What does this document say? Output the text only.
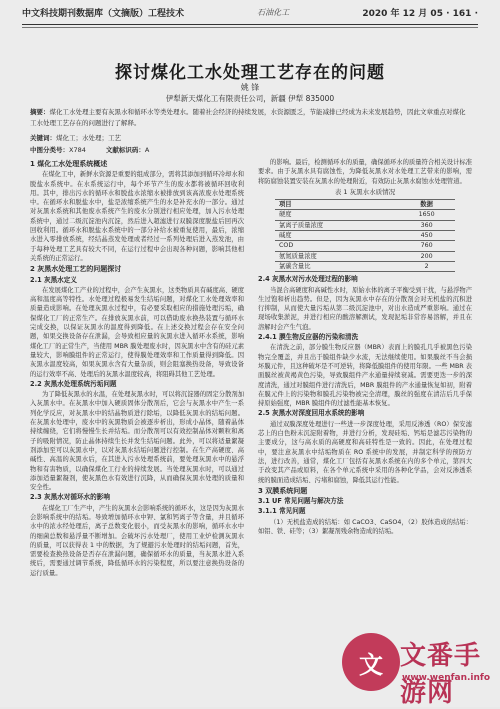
中文科技期刊数据库（文摘版）工程技术	石油化工	2020 年 12 月 05 · 161 ·
探讨煤化工水处理工艺存在的问题
姚 锋
伊犁新天煤化工有限责任公司，新疆 伊犁 835000
摘要：煤化工水处理主要有灰黑水和循环水等类处理水。随着社会经济的持续发展，水资源匮乏，节能减排已经成为未来发展趋势，因此文章重点对煤化工水处理工艺存在的问题进行了解释。
关键词：煤化工；水处理；工艺
中图分类号：X784	文献标识码：A
1 煤化工水处理系统概述

在煤化工中，新鲜水资源是重要的组成部分，需将其添加到循环冷却水和脱盐水系统中。在水系统运行中，每个环节产生的废水都将被循环回收利用。其中，排出污水的循环水和脱盐水浓缩水被排放到该高浓废水处理系统中。在循环水和脱盐水中，盐是浓缩系统产生的水是补充水的一部分。通过对灰黑水系统和其他废水系统产生的废水分别进行相应处理，加入污水处理系统中，通过二级沉淀池内沉淀，然后进入超滤进行双膜深度脱盐后回再次回收利用。循环水和脱盐水系统中的一部分补给水被重复使用，最后，浓缩水进入零排放系统，经结晶蒸发处理或者经过一系列处理后进入蒸发池，由于每种处理工艺具有较大不同，在运行过程中会出现各种问题，影响其他相关系统的正常运行。

2 灰黑水处理工艺的问题探讨
2.1 灰黑水定义

在发展煤化工产业的过程中，会产生灰黑水，这类物质具有碱度高、硬度高和温度高等特性。水处理过程极易发生结垢问题，对煤化工水处理效率和质量造成影响。在处理灰黑水过程中，有必要采取相应的措施处理污垢，确保煤化工厂的正常生产。在排放灰黑水前，可以借助废水换热装置与循环水完成交换，以保证灰黑水的温度得到降低。在上述交换过程会存在安全问题，如果交换设备存在泄漏，会导致相应量的灰黑水进入循环水系统，影响煤化工厂的正常生产，当使用 MBR 膜处理废水时，因灰黑水中含有的硅元素量较大，影响膜组件的正常运行，使得膜处理效率和工作质量得到降低。因灰黑水温度较高，如果灰黑水含有大量杂质，则会阻塞换热设备，导致设备的运行效率不高、处理后的灰黑水温度较高，将阻碍其他工艺处理。

2.2 灰黑水处理系统污垢问题

为了降低灰黑水的水温，在处理灰黑水时，可以将沉淀器的固定分散剂加入灰黑水中。在灰黑水中加入硬质固体分散剂后，它会与灰黑水中产生一系列化学反应，对灰黑水中的结晶物质进行除垢，以降低灰黑水的结垢问题。在灰黑水处理中，废水中的灰黑物质会被逐步析出，形成小晶体，随着晶体持续缠绕，它们将慢慢生长并结垢。而分散剂可以有效控制晶体对颗粒和离子的吸附情况，防止晶体持续生长并发生结垢问题。此外，可以将适量絮凝剂添加至可以灰黑水中，以对灰黑水结垢问题进行控制。在生产高硬度、高碱性、高温的灰黑水后，在其进入污水处理系统前，要处理灰黑水中的悬浮物和有害物质，以确保煤化工行业的持续发展。当处理灰黑水时，可以通过添加适量絮凝剂，使灰黑色水有效进行沉降，从而确保灰黑水处理的质量和安全性。

2.3 灰黑水对循环水的影响

在煤化工厂生产中，产生的灰黑水会影响系统的循环水，这是因为灰黑水会影响系统中的结垢。导致增加循环水中钾、氯和钙离子等含量，并且循环水中的浓水经处理后，离子总数变化很小，而受灰黑水的影响，循环水水中的细菌总数和悬浮量不断增加。会破坏污水处理厂，使用工业炉检测灰黑水的质量，可以获得表 1 中的数据，为了规避污水处理时的结垢问题，首先，需要检查换热设备是否存在泄漏问题，确保循环水的质量，当灰黑水进入系统后，需要通过调节系统，降低循环水的污染程度，所以要注意换热设备的运行质量。

的影响。最后，检测循环水的质量，确保循环水的质量符合相关设计标准要求。由于灰黑水具有腐蚀性，为降低灰黑水对水处理工艺带来的影响，需将防腐蚀装置安装在灰黑水的处理附近，有效防止灰黑水腐蚀水处理管道。

表 1 灰黑水水质情况
项目	数据
硬度	1650
氯离子质量浓度	360
碱度	450
COD	760
氨氮质量浓度	200
氯碳含量比	2
2.4 灰黑水对污水处理过程的影响

当混合高硬度和高碱性水时，原始水体的离子平衡受到干扰，与悬浮物产生过饱和析出趋势。但是，因为灰黑水中存在的分散剂会对无机盐的沉积进行抑制，从而使大量污垢从第二级沉淀池中，对出水造成严重影响。通过在现场收集淤泥，并进行相应的酸溶解测试，发现泥垢非常容易溶解，并且在溶解时会产生气泡。

2.4.1 膜生物反应器的污染和清洗

在清洗之前，部分膜生物反应器（MBR）表面上的膜孔几乎被黑色污染物完全覆盖，并且出于膜组件缺少水流，无法继续使用。如果膜丝不当会损坏膜元件，且这种破坏是不可逆转，将降低膜组件的使用年限。一些 MBR 表面膜丝被黄褐黄色污染，导致膜组件产水通量持续衰减。需要更迭一步的深度清洗，通过对膜组件进行清洗后，MBR 膜组件的产水通量恢复如初，附着在膜元件上的污染物和膜孔污染物被完全清理，膜丝的强度在清洁后几乎保持原始强度，MBR 膜组件的过滤性能基本恢复。

2.5 灰黑水对深度回用水系统的影响

通过双膜深度处理进行一些进一步深度处理，采用反渗透（RO）保安滤芯上的白色粉末沉淀附着物，并进行分析，发现硅垢、钙垢是滤芯污染物的主要成分，这与高水质的高硬度和高硅特性是一致的。因此，在处理过程中，要注意灰黑水中结垢物质在 RO 系统中的发展，并制定科学的预防方法，进行改善，通常，煤化工厂包括有灰黑水系统在内的多个单元，第四大于改变其产品或原料，在各个单元系统中采用的各种化学品，会对反渗透系统的膜面造成结垢、污堵和腐蚀，降低其运行性能。

3 双膜系统问题
3.1 UF 常见问题与解决方法
3.1.1 常见问题

（1）无机盐造成的结垢：如 CaCO3、CaSO4，（2）胶体造成的结垢：如铝、铁、硅等；（3）絮凝剂残余物造成的结垢。

文 文番手游网
www.wenfan.info
